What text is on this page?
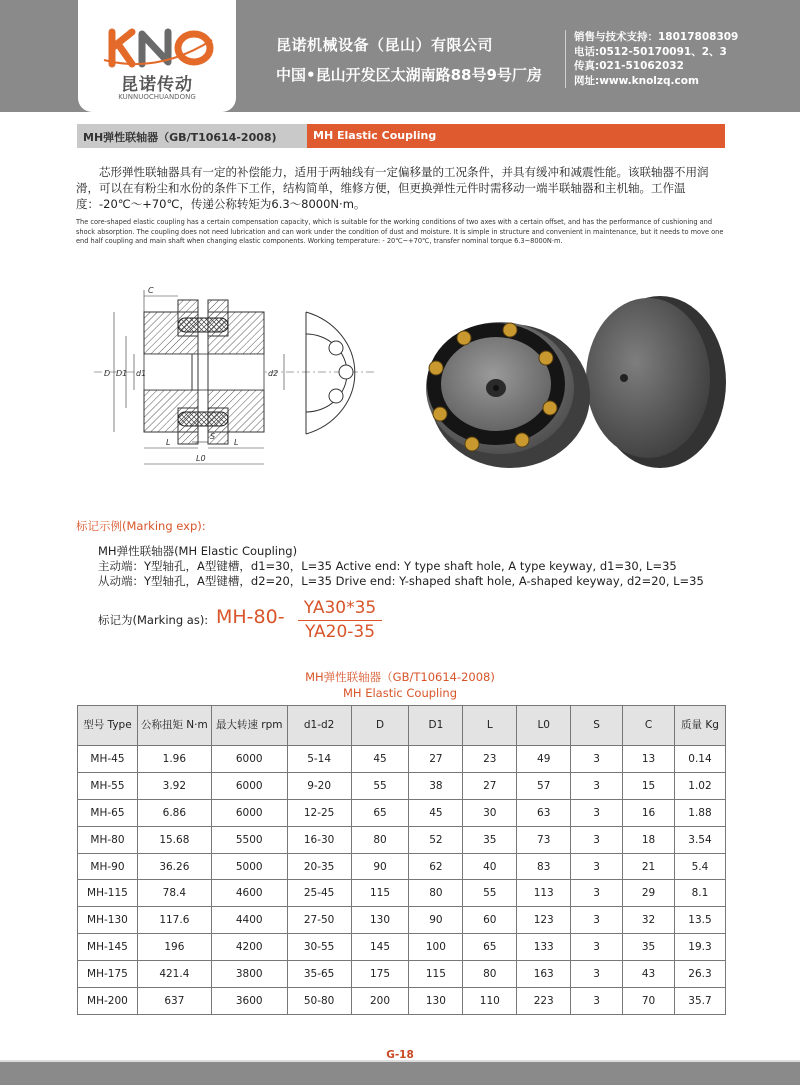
昆诺传动
KUNNUOCHUANDONG
昆诺机械设备（昆山）有限公司
中国•昆山开发区太湖南路88号9号厂房
销售与技术支持：18017808309
电话:0512-50170091、2、3
传真:021-51062032
网址:www.knolzq.com
MH弹性联轴器（GB/T10614-2008)	MH Elastic Coupling
芯形弹性联轴器具有一定的补偿能力，适用于两轴线有一定偏移量的工况条件，并具有缓冲和减震性能。该联轴器不用润滑，可以在有粉尘和水份的条件下工作，结构简单，维修方便，但更换弹性元件时需移动一端半联轴器和主机轴。工作温度：-20℃～+70℃，传递公称转矩为6.3～8000N·m。
The core-shaped elastic coupling has a certain compensation capacity, which is suitable for the working conditions of two axes with a certain offset, and has the performance of cushioning and shock absorption. The coupling does not need lubrication and can work under the condition of dust and moisture. It is simple in structure and convenient in maintenance, but it needs to move one end half coupling and main shaft when changing elastic components. Working temperature: - 20℃~+70℃, transfer nominal torque 6.3~8000N·m.
C
D D1 d1	d2
L	L
L0
S
标记示例(Marking exp):
MH弹性联轴器(MH Elastic Coupling)
主动端：Y型轴孔，A型键槽，d1=30，L=35 Active end: Y type shaft hole, A type keyway, d1=30, L=35
从动端：Y型轴孔，A型键槽，d2=20，L=35 Drive end: Y-shaped shaft hole, A-shaped keyway, d2=20, L=35
标记为(Marking as): MH-80-	YA30*35
YA20-35
MH弹性联轴器（GB/T10614-2008)
MH Elastic Coupling
型号 Type	公称扭矩 N·m	最大转速 rpm	d1-d2	D	D1	L	L0	S	C	质量 Kg
MH-45	1.96	6000	5-14	45	27	23	49	3	13	0.14
MH-55	3.92	6000	9-20	55	38	27	57	3	15	1.02
MH-65	6.86	6000	12-25	65	45	30	63	3	16	1.88
MH-80	15.68	5500	16-30	80	52	35	73	3	18	3.54
MH-90	36.26	5000	20-35	90	62	40	83	3	21	5.4
MH-115	78.4	4600	25-45	115	80	55	113	3	29	8.1
MH-130	117.6	4400	27-50	130	90	60	123	3	32	13.5
MH-145	196	4200	30-55	145	100	65	133	3	35	19.3
MH-175	421.4	3800	35-65	175	115	80	163	3	43	26.3
MH-200	637	3600	50-80	200	130	110	223	3	70	35.7
G-18
